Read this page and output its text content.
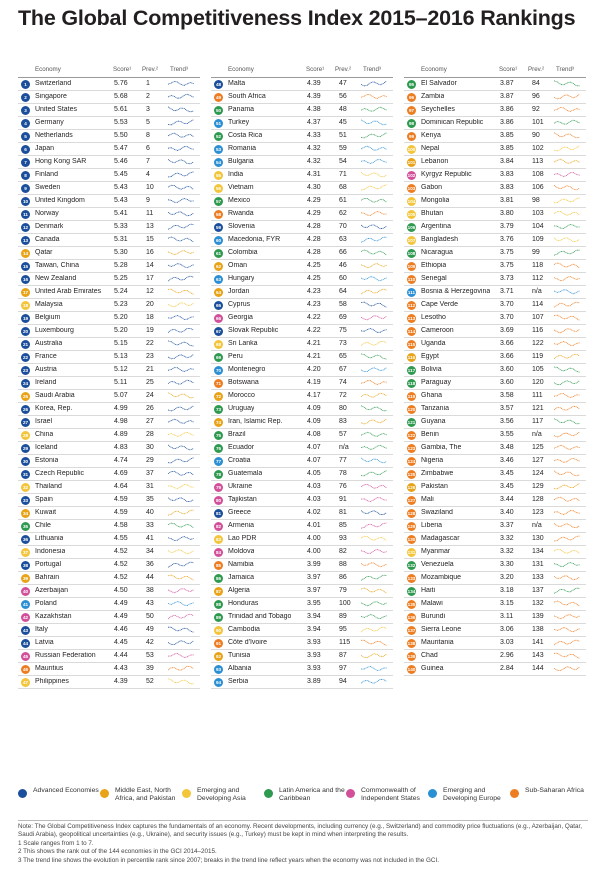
The Global Competitiveness Index 2015–2016 Rankings
Economy	Score¹ Prev.² Trend³
1	Switzerland	5.76	1
2	Singapore	5.68	2
3	United States	5.61	3
4	Germany	5.53	5
5	Netherlands	5.50	8
6	Japan	5.47	6
7	Hong Kong SAR	5.46	7
8	Finland	5.45	4
9	Sweden	5.43	10
10 United Kingdom	5.43	9
11 Norway	5.41	11
12 Denmark	5.33	13
13 Canada	5.31	15
14 Qatar	5.30	16
15 Taiwan, China	5.28	14
16 New Zealand	5.25	17
17 United Arab Emirates 5.24	12
18 Malaysia	5.23	20
19 Belgium	5.20	18
20 Luxembourg	5.20	19
21 Australia	5.15	22
22 France	5.13	23
23 Austria	5.12	21
24 Ireland	5.11	25
25 Saudi Arabia	5.07	24
26 Korea, Rep.	4.99	26
27 Israel	4.98	27
28 China	4.89	28
29 Iceland	4.83	30
30 Estonia	4.74	29
31 Czech Republic	4.69	37
32 Thailand	4.64	31
33 Spain	4.59	35
34 Kuwait	4.59	40
35 Chile	4.58	33
36 Lithuania	4.55	41
37 Indonesia	4.52	34
38 Portugal	4.52	36
39 Bahrain	4.52	44
40 Azerbaijan	4.50	38
41 Poland	4.49	43
42 Kazakhstan	4.49	50
43 Italy	4.46	49
44 Latvia	4.45	42
45 Russian Federation	4.44	53
46 Mauritius	4.43	39
47 Philippines	4.39	52
Economy	Score¹ Prev.² Trend³
48 Malta	4.39	47
49 South Africa	4.39	56
50 Panama	4.38	48
51 Turkey	4.37	45
52 Costa Rica	4.33	51
53 Romania	4.32	59
54 Bulgaria	4.32	54
55 India	4.31	71
56 Vietnam	4.30	68
57 Mexico	4.29	61
58 Rwanda	4.29	62
59 Slovenia	4.28	70
60 Macedonia, FYR	4.28	63
61 Colombia	4.28	66
62 Oman	4.25	46
63 Hungary	4.25	60
64 Jordan	4.23	64
65 Cyprus	4.23	58
66 Georgia	4.22	69
67 Slovak Republic	4.22	75
68 Sri Lanka	4.21	73
69 Peru	4.21	65
70 Montenegro	4.20	67
71 Botswana	4.19	74
72 Morocco	4.17	72
73 Uruguay	4.09	80
74 Iran, Islamic Rep.	4.09	83
75 Brazil	4.08	57
76 Ecuador	4.07	n/a
77 Croatia	4.07	77
78 Guatemala	4.05	78
79 Ukraine	4.03	76
80 Tajikistan	4.03	91
81 Greece	4.02	81
82 Armenia	4.01	85
83 Lao PDR	4.00	93
84 Moldova	4.00	82
85 Namibia	3.99	88
86 Jamaica	3.97	86
87 Algeria	3.97	79
88 Honduras	3.95	100
89 Trinidad and Tobago 3.94	89
90 Cambodia	3.94	95
91 Côte d'Ivoire	3.93	115
92 Tunisia	3.93	87
93 Albania	3.93	97
94 Serbia	3.89	94
Economy	Score¹ Prev.² Trend³
95 El Salvador	3.87	84
96 Zambia	3.87	96
97 Seychelles	3.86	92
98 Dominican Republic 3.86	101
99 Kenya	3.85	90
100 Nepal	3.85	102
101 Lebanon	3.84	113
102 Kyrgyz Republic	3.83	108
103 Gabon	3.83	106
104 Mongolia	3.81	98
105 Bhutan	3.80	103
106 Argentina	3.79	104
107 Bangladesh	3.76	109
108 Nicaragua	3.75	99
109 Ethiopia	3.75	118
110 Senegal	3.73	112
111 Bosnia & Herzegovina 3.71	n/a
112 Cape Verde	3.70	114
113 Lesotho	3.70	107
114 Cameroon	3.69	116
115 Uganda	3.66	122
116 Egypt	3.66	119
117 Bolivia	3.60	105
118 Paraguay	3.60	120
119 Ghana	3.58	111
120 Tanzania	3.57	121
121 Guyana	3.56	117
122 Benin	3.55	n/a
123 Gambia, The	3.48	125
124 Nigeria	3.46	127
125 Zimbabwe	3.45	124
126 Pakistan	3.45	129
127 Mali	3.44	128
128 Swaziland	3.40	123
129 Liberia	3.37	n/a
130 Madagascar	3.32	130
131 Myanmar	3.32	134
132 Venezuela	3.30	131
133 Mozambique	3.20	133
134 Haiti	3.18	137
135 Malawi	3.15	132
136 Burundi	3.11	139
137 Sierra Leone	3.06	138
138 Mauritania	3.03	141
139 Chad	2.96	143
140 Guinea	2.84	144
Advanced Economies	Middle East, North Africa, and Pakistan
Emerging and Developing Asia
Latin America and the Caribbean
Commonwealth of Independent States
Emerging and Developing Europe
Sub-Saharan Africa

Note: The Global Competitiveness Index captures the fundamentals of an economy. Recent developments, including currency (e.g., Switzerland) and commodity price fluctuations (e.g., Azerbaijan, Qatar, Saudi Arabia), geopolitical uncertainties (e.g., Ukraine), and security issues (e.g., Turkey) must be kept in mind when interpreting the results.

1 Scale ranges from 1 to 7.

2 This shows the rank out of the 144 economies in the GCI 2014–2015.

3 The trend line shows the evolution in percentile rank since 2007; breaks in the trend line reflect years when the economy was not included in the GCI.
